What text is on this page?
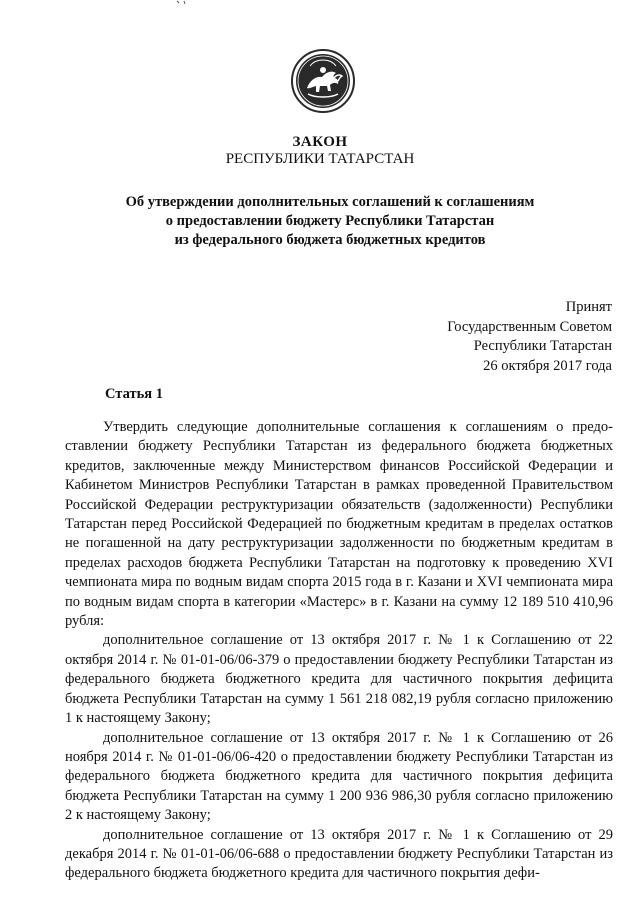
ЗАКОН
РЕСПУБЛИКИ ТАТАРСТАН
Об утверждении дополнительных соглашений к соглашениям
о предоставлении бюджету Республики Татарстан
из федерального бюджета бюджетных кредитов
Принят
Государственным Советом
Республики Татарстан
26 октября 2017 года
Статья 1

Утвердить следующие дополнительные соглашения к соглашениям о предоставлении бюджету Республики Татарстан из федерального бюджета бюджетных кредитов, заключенные между Министерством финансов Российской Федерации и Кабинетом Министров Республики Татарстан в рамках проведенной Правительством Российской Федерации реструктуризации обязательств (задолженности) Республики Татарстан перед Российской Федерацией по бюджетным кредитам в пределах остатков не погашенной на дату реструктуризации задолженности по бюджетным кредитам в пределах расходов бюджета Республики Татарстан на подготовку к проведению XVI чемпионата мира по водным видам спорта 2015 года в г. Казани и XVI чемпионата мира по водным видам спорта в категории «Мастерс» в г. Казани на сумму 12 189 510 410,96 рубля:

дополнительное соглашение от 13 октября 2017 г. № 1 к Соглашению от 22 октября 2014 г. № 01-01-06/06-379 о предоставлении бюджету Республики Татарстан из федерального бюджета бюджетного кредита для частичного покрытия дефицита бюджета Республики Татарстан на сумму 1 561 218 082,19 рубля согласно приложению 1 к настоящему Закону;

дополнительное соглашение от 13 октября 2017 г. № 1 к Соглашению от 26 ноября 2014 г. № 01-01-06/06-420 о предоставлении бюджету Республики Татарстан из федерального бюджета бюджетного кредита для частичного покрытия дефицита бюджета Республики Татарстан на сумму 1 200 936 986,30 рубля согласно приложению 2 к настоящему Закону;

дополнительное соглашение от 13 октября 2017 г. № 1 к Соглашению от 29 декабря 2014 г. № 01-01-06/06-688 о предоставлении бюджету Республики Татарстан из федерального бюджета бюджетного кредита для частичного покрытия дефи-
